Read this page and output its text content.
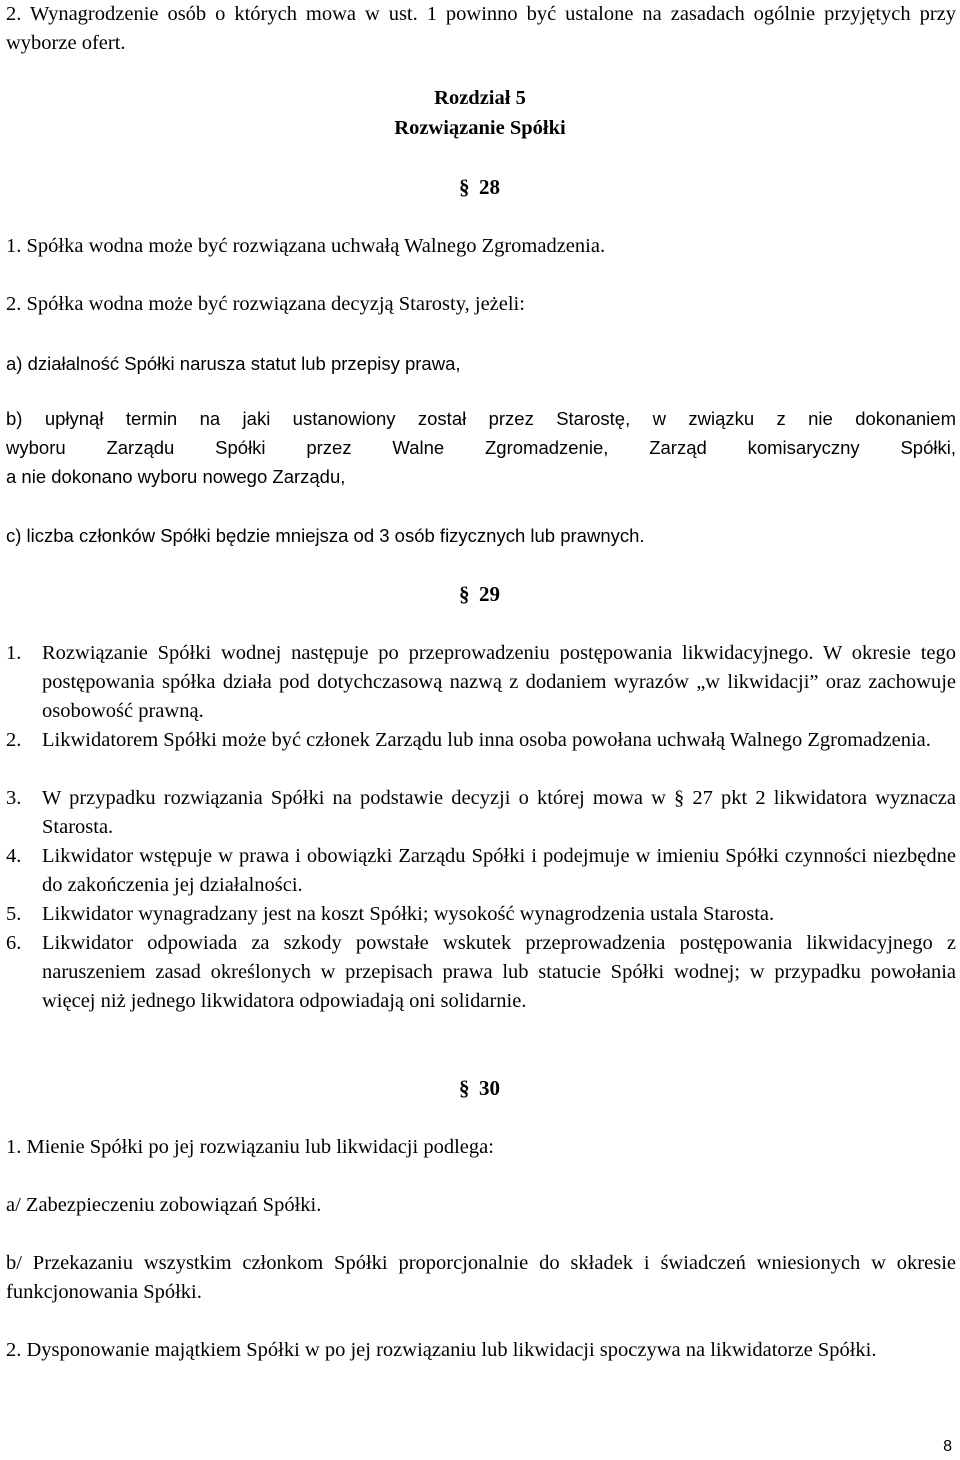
2. Wynagrodzenie osób o których mowa w ust. 1 powinno być ustalone na zasadach ogólnie przyjętych przy wyborze ofert.

Rozdział 5
Rozwiązanie Spółki
§ 28

1. Spółka wodna może być rozwiązana uchwałą Walnego Zgromadzenia.

2. Spółka wodna może być rozwiązana decyzją Starosty, jeżeli:

a) działalność Spółki narusza statut lub przepisy prawa,

b) upłynął termin na jaki ustanowiony został przez Starostę, w związku z nie dokonaniem

wyboru Zarządu Spółki przez Walne Zgromadzenie, Zarząd komisaryczny Spółki,

a nie dokonano wyboru nowego Zarządu,

c) liczba członków Spółki będzie mniejsza od 3 osób fizycznych lub prawnych.

§ 29
1.	Rozwiązanie Spółki wodnej następuje po przeprowadzeniu postępowania likwidacyjnego. W okresie tego postępowania spółka działa pod dotychczasową nazwą z dodaniem wyrazów „w likwidacji” oraz zachowuje osobowość prawną.
2.	Likwidatorem Spółki może być członek Zarządu lub inna osoba powołana uchwałą Walnego Zgromadzenia.
3.	W przypadku rozwiązania Spółki na podstawie decyzji o której mowa w § 27 pkt 2 likwidatora wyznacza Starosta.
4.	Likwidator wstępuje w prawa i obowiązki Zarządu Spółki i podejmuje w imieniu Spółki czynności niezbędne do zakończenia jej działalności.
5.	Likwidator wynagradzany jest na koszt Spółki; wysokość wynagrodzenia ustala Starosta.
6.	Likwidator odpowiada za szkody powstałe wskutek przeprowadzenia postępowania likwidacyjnego z naruszeniem zasad określonych w przepisach prawa lub statucie Spółki wodnej; w przypadku powołania więcej niż jednego likwidatora odpowiadają oni solidarnie.
§ 30

1. Mienie Spółki po jej rozwiązaniu lub likwidacji podlega:

a/ Zabezpieczeniu zobowiązań Spółki.

b/ Przekazaniu wszystkim członkom Spółki proporcjonalnie do składek i świadczeń wniesionych w okresie funkcjonowania Spółki.

2. Dysponowanie majątkiem Spółki w po jej rozwiązaniu lub likwidacji spoczywa na likwidatorze Spółki.

8
